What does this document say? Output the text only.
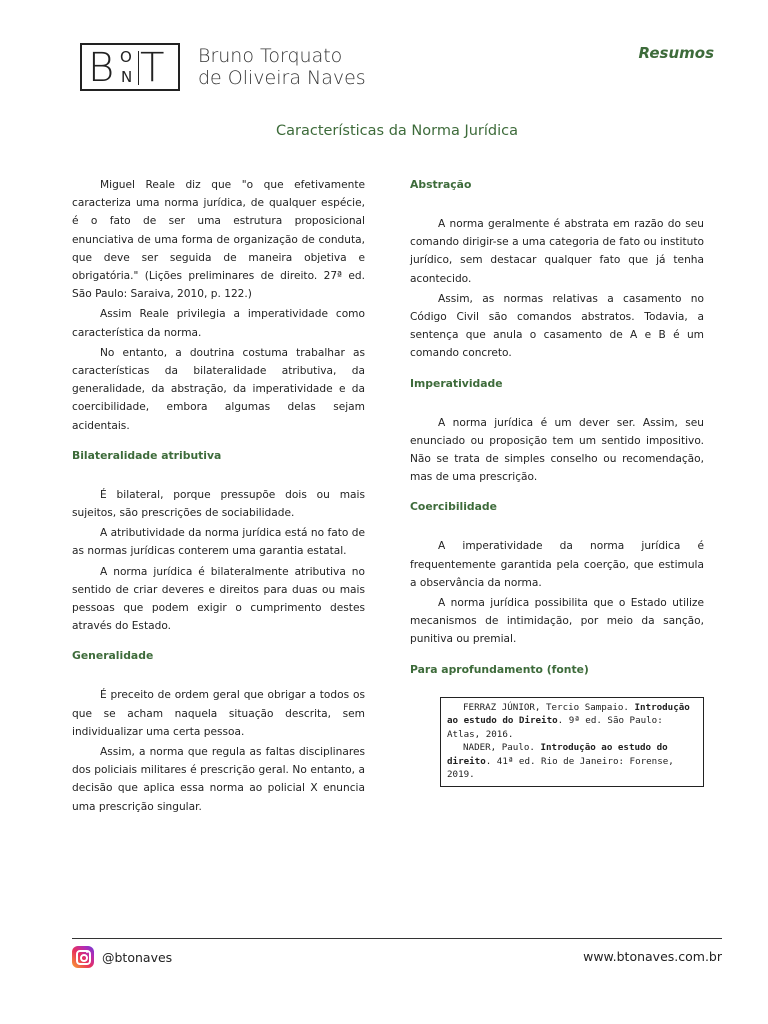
B O
N T Bruno Torquato
de Oliveira Naves
Resumos
Características da Norma Jurídica

Miguel Reale diz que "o que efetivamente caracteriza uma norma jurídica, de qualquer espécie, é o fato de ser uma estrutura proposicional enunciativa de uma forma de organização de conduta, que deve ser seguida de maneira objetiva e obrigatória." (Lições preliminares de direito. 27ª ed. São Paulo: Saraiva, 2010, p. 122.)

Assim Reale privilegia a imperatividade como característica da norma.

No entanto, a doutrina costuma trabalhar as características da bilateralidade atributiva, da generalidade, da abstração, da imperatividade e da coercibilidade, embora algumas delas sejam acidentais.

Bilateralidade atributiva

É bilateral, porque pressupõe dois ou mais sujeitos, são prescrições de sociabilidade.

A atributividade da norma jurídica está no fato de as normas jurídicas conterem uma garantia estatal.

A norma jurídica é bilateralmente atributiva no sentido de criar deveres e direitos para duas ou mais pessoas que podem exigir o cumprimento destes através do Estado.

Generalidade

É preceito de ordem geral que obrigar a todos os que se acham naquela situação descrita, sem individualizar uma certa pessoa.

Assim, a norma que regula as faltas disciplinares dos policiais militares é prescrição geral. No entanto, a decisão que aplica essa norma ao policial X enuncia uma prescrição singular.

Abstração

A norma geralmente é abstrata em razão do seu comando dirigir-se a uma categoria de fato ou instituto jurídico, sem destacar qualquer fato que já tenha acontecido.

Assim, as normas relativas a casamento no Código Civil são comandos abstratos. Todavia, a sentença que anula o casamento de A e B é um comando concreto.

Imperatividade

A norma jurídica é um dever ser. Assim, seu enunciado ou proposição tem um sentido impositivo. Não se trata de simples conselho ou recomendação, mas de uma prescrição.

Coercibilidade

A imperatividade da norma jurídica é frequentemente garantida pela coerção, que estimula a observância da norma.

A norma jurídica possibilita que o Estado utilize mecanismos de intimidação, por meio da sanção, punitiva ou premial.

Para aprofundamento (fonte)
FERRAZ JÚNIOR, Tercio Sampaio. Introdução ao estudo do Direito. 9ª ed. São Paulo: Atlas, 2016.
NADER, Paulo. Introdução ao estudo do direito. 41ª ed. Rio de Janeiro: Forense, 2019.
@btonaves	www.btonaves.com.br
